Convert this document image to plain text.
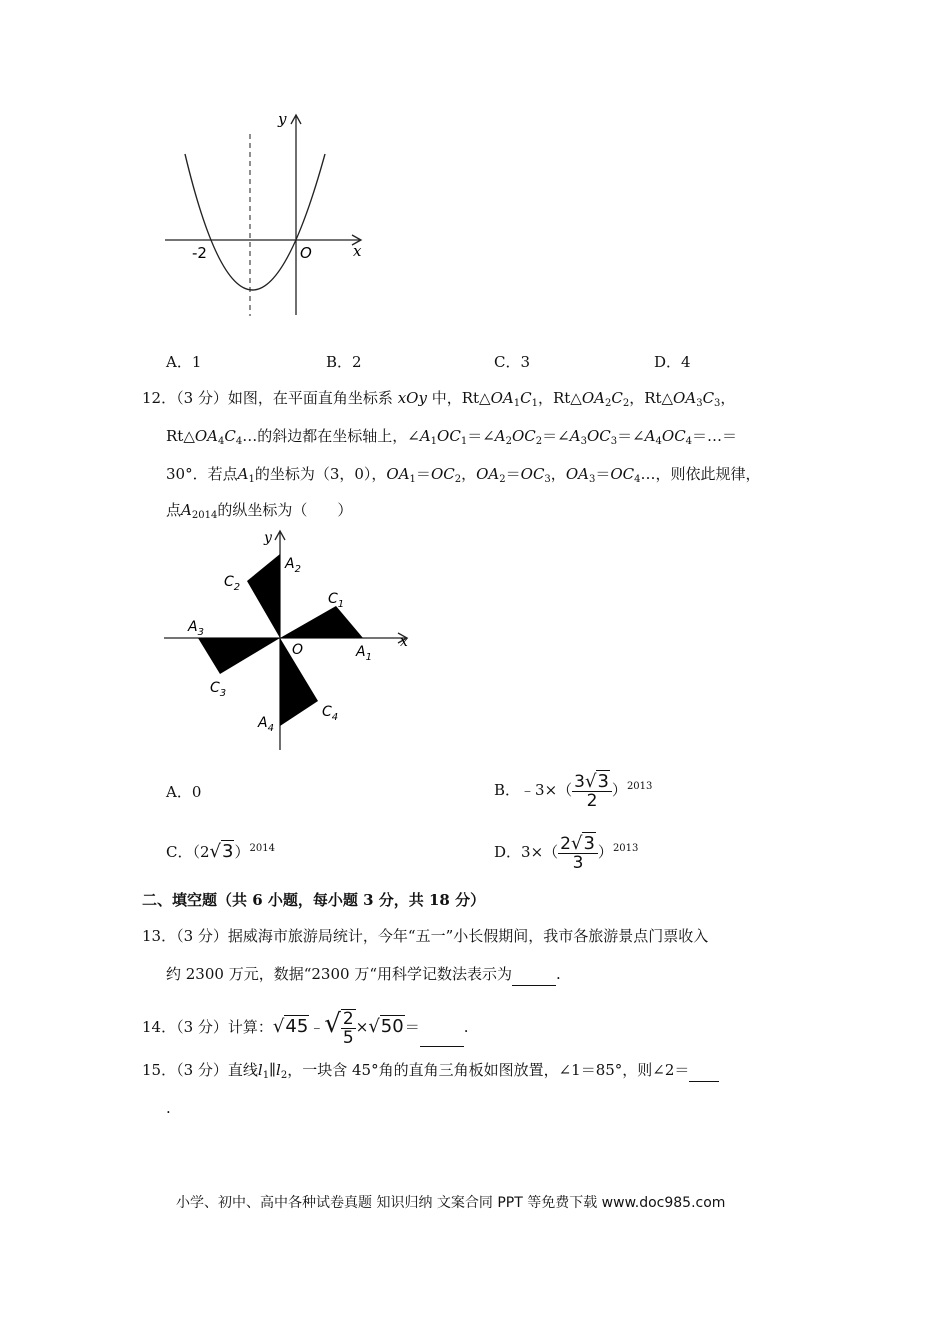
y
x
O
-2
A．1	B．2	C．3	D．4
12．（3 分）如图，在平面直角坐标系 xOy 中，$Rt\triangle OA_1C_1$，$Rt\triangle OA_2C_2$，$Rt\triangle OA_3C_3$，
$Rt\triangle OA_4C_4\dots$的斜边都在坐标轴上，$\angle A_1OC_1=\angle A_2OC_2=\angle A_3OC_3=\angle A_4OC_4=\dots=$
30°．若点$A_1$的坐标为（3，0），$OA_1=OC_2$，$OA_2=OC_3$，$OA_3=OC_4\dots$，则依此规律，
点$A_{2014}$的纵坐标为（　　）
y
x
O
$A_2$
$C_2$
$C_1$
$A_3$
$A_1$
$C_3$
$A_4$
$C_4$
A．0	B．﹣3×（ $\frac{3√3}{2} )^{2013}$
C．$(2√3)^{2014}$	D．$3\times( \frac{2√3}{3} )^{2013}$
二、填空题（共 6 小题，每小题 3 分，共 18 分）
13．（3 分）据威海市旅游局统计，今年“五一”小长假期间，我市各旅游景点门票收入
约 2300 万元，数据“2300 万“用科学记数法表示为	.
14．（3 分）计算：√45﹣√ $\frac{2}{5} \times√50=$	.
15．（3 分）直线$l_1\parallel l_2$，一块含 45°角的直角三角板如图放置，∠1＝85°，则∠2＝
.
小学、初中、高中各种试卷真题 知识归纳 文案合同 PPT 等免费下载 www.doc985.com
